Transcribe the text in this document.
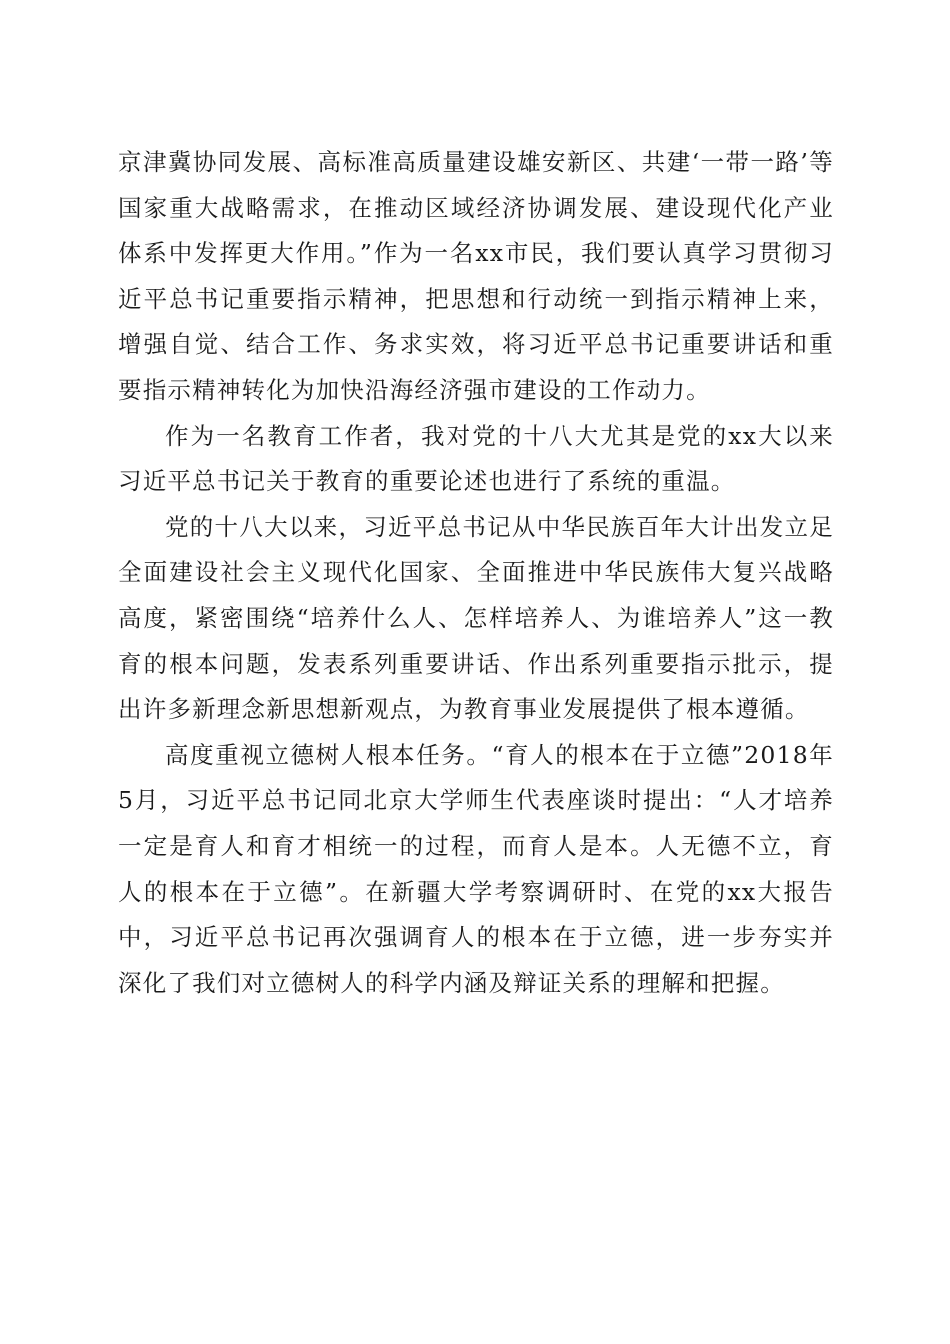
京津冀协同发展、高标准高质量建设雄安新区、共建‘一带一路’等国家重大战略需求，在推动区域经济协调发展、建设现代化产业体系中发挥更大作用。”作为一名xx市民，我们要认真学习贯彻习近平总书记重要指示精神，把思想和行动统一到指示精神上来，增强自觉、结合工作、务求实效，将习近平总书记重要讲话和重要指示精神转化为加快沿海经济强市建设的工作动力。

作为一名教育工作者，我对党的十八大尤其是党的xx大以来习近平总书记关于教育的重要论述也进行了系统的重温。

党的十八大以来，习近平总书记从中华民族百年大计出发立足全面建设社会主义现代化国家、全面推进中华民族伟大复兴战略高度，紧密围绕“培养什么人、怎样培养人、为谁培养人”这一教育的根本问题，发表系列重要讲话、作出系列重要指示批示，提出许多新理念新思想新观点，为教育事业发展提供了根本遵循。

高度重视立德树人根本任务。“育人的根本在于立德”2018年5月，习近平总书记同北京大学师生代表座谈时提出：“人才培养一定是育人和育才相统一的过程，而育人是本。人无德不立，育人的根本在于立德”。在新疆大学考察调研时、在党的xx大报告中，习近平总书记再次强调育人的根本在于立德，进一步夯实并深化了我们对立德树人的科学内涵及辩证关系的理解和把握。
